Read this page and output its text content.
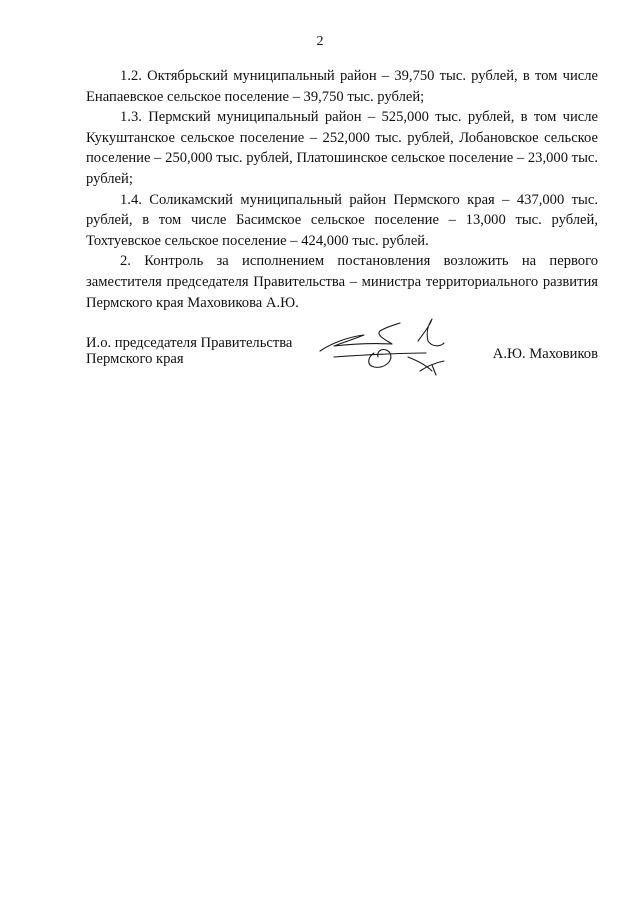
2

1.2. Октябрьский муниципальный район – 39,750 тыс. рублей, в том числе Енапаевское сельское поселение – 39,750 тыс. рублей;

1.3. Пермский муниципальный район – 525,000 тыс. рублей, в том числе Кукуштанское сельское поселение – 252,000 тыс. рублей, Лобановское сельское поселение – 250,000 тыс. рублей, Платошинское сельское поселение – 23,000 тыс. рублей;

1.4. Соликамский муниципальный район Пермского края – 437,000 тыс. рублей, в том числе Басимское сельское поселение – 13,000 тыс. рублей, Тохтуевское сельское поселение – 424,000 тыс. рублей.

2. Контроль за исполнением постановления возложить на первого заместителя председателя Правительства – министра территориального развития Пермского края Маховикова А.Ю.

И.о. председателя Правительства
Пермского края	А.Ю. Маховиков
